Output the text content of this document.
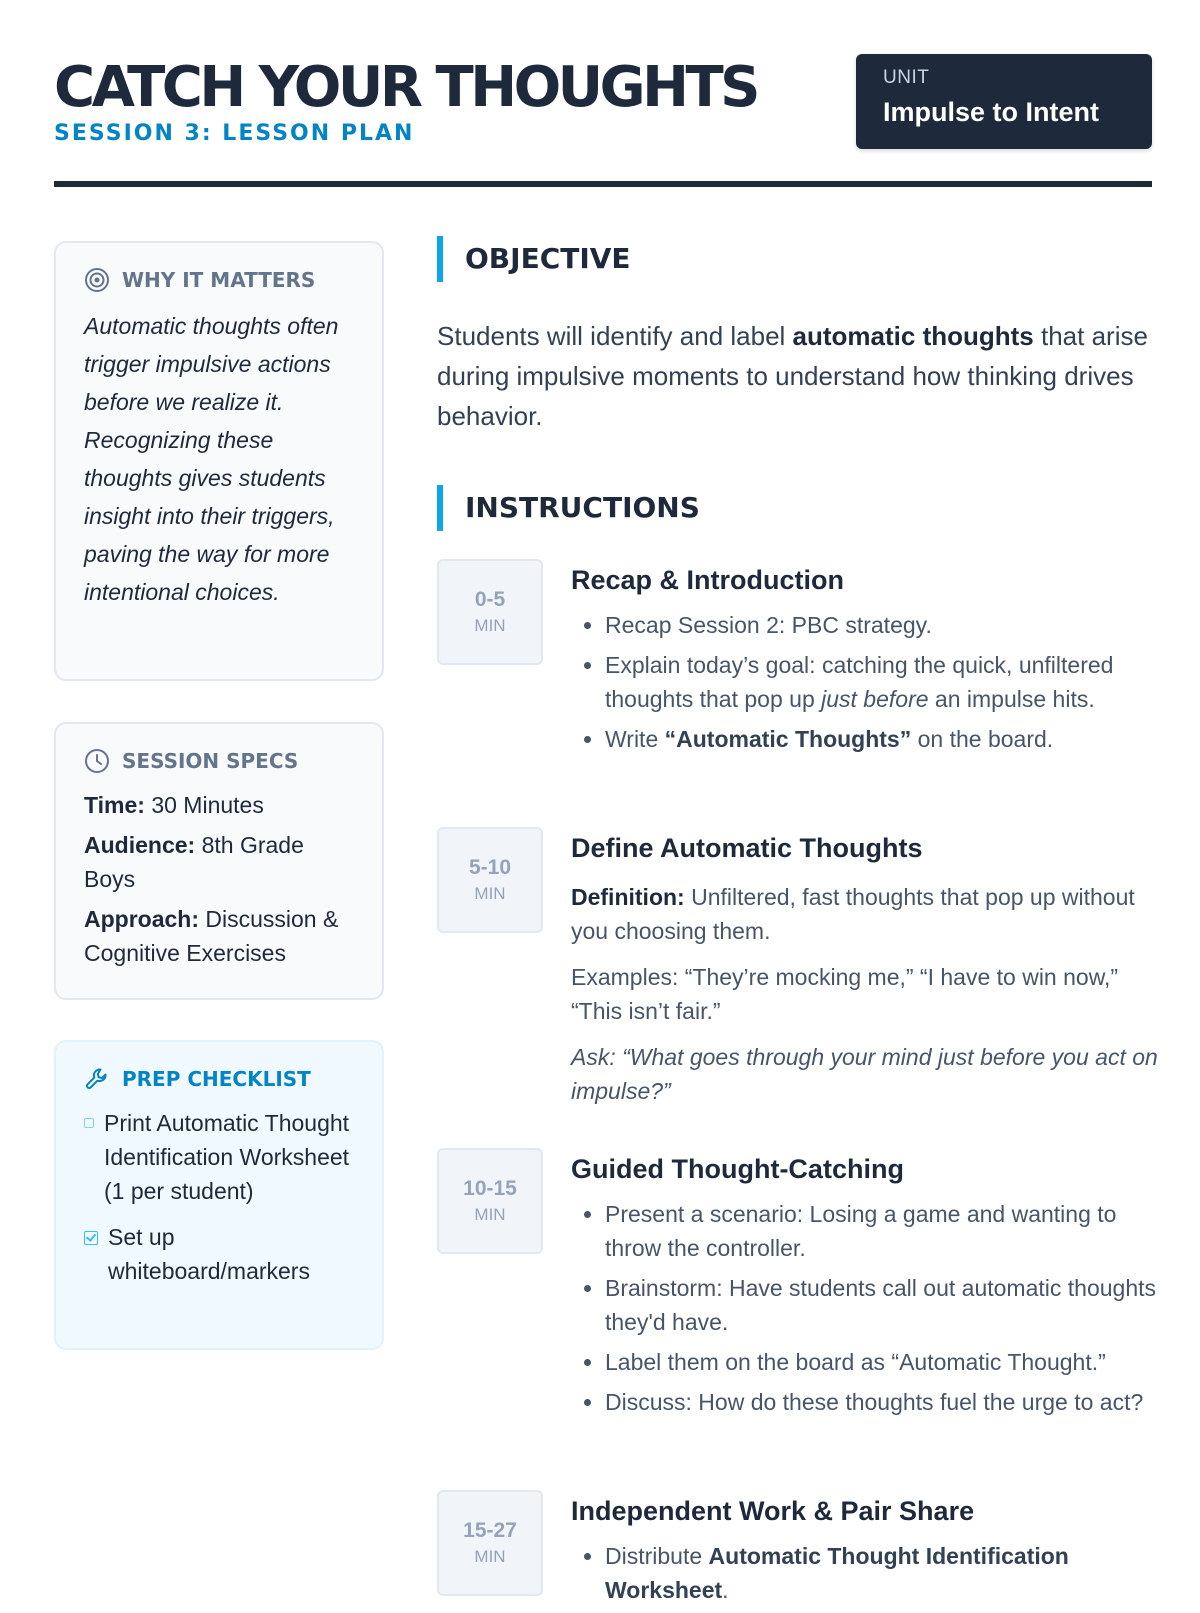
CATCH YOUR THOUGHTS
SESSION 3: LESSON PLAN
UNIT
Impulse to Intent
WHY IT MATTERS
Automatic thoughts often trigger impulsive actions before we realize it. Recognizing these thoughts gives students insight into their triggers, paving the way for more intentional choices.
SESSION SPECS
Time: 30 Minutes
Audience: 8th Grade Boys
Approach: Discussion & Cognitive Exercises
PREP CHECKLIST
Print Automatic Thought Identification Worksheet (1 per student)
Set up whiteboard/markers
OBJECTIVE
Students will identify and label automatic thoughts that arise during impulsive moments to understand how thinking drives behavior.
INSTRUCTIONS
0-5
MIN
Recap & Introduction
• Recap Session 2: PBC strategy.
• Explain today’s goal: catching the quick, unfiltered thoughts that pop up just before an impulse hits.
• Write “Automatic Thoughts” on the board.
5-10
MIN
Define Automatic Thoughts

Definition: Unfiltered, fast thoughts that pop up without you choosing them.

Examples: “They’re mocking me,” “I have to win now,” “This isn’t fair.”

Ask: “What goes through your mind just before you act on impulse?”

10-15
MIN
Guided Thought-Catching
• Present a scenario: Losing a game and wanting to throw the controller.
• Brainstorm: Have students call out automatic thoughts they'd have.
• Label them on the board as “Automatic Thought.”
• Discuss: How do these thoughts fuel the urge to act?
15-27
MIN
Independent Work & Pair Share
• Distribute Automatic Thought Identification Worksheet.
